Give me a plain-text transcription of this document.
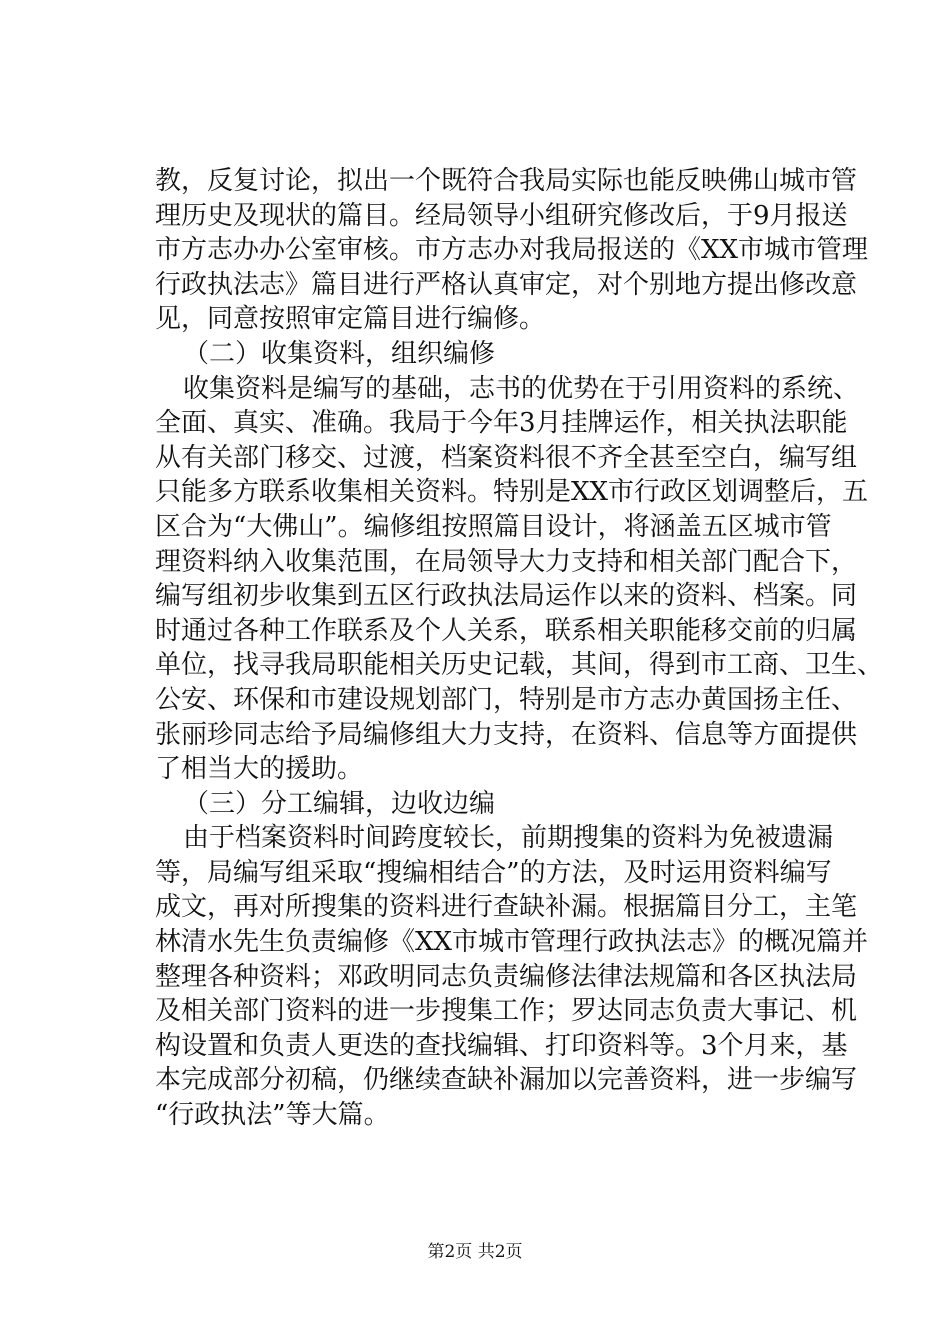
教，反复讨论，拟出一个既符合我局实际也能反映佛山城市管
理历史及现状的篇目。经局领导小组研究修改后，于9月报送
市方志办办公室审核。市方志办对我局报送的《XX市城市管理
行政执法志》篇目进行严格认真审定，对个别地方提出修改意
见，同意按照审定篇目进行编修。
（二）收集资料，组织编修
收集资料是编写的基础，志书的优势在于引用资料的系统、
全面、真实、准确。我局于今年3月挂牌运作，相关执法职能
从有关部门移交、过渡，档案资料很不齐全甚至空白，编写组
只能多方联系收集相关资料。特别是XX市行政区划调整后，五
区合为“大佛山”。编修组按照篇目设计，将涵盖五区城市管
理资料纳入收集范围，在局领导大力支持和相关部门配合下，
编写组初步收集到五区行政执法局运作以来的资料、档案。同
时通过各种工作联系及个人关系，联系相关职能移交前的归属
单位，找寻我局职能相关历史记载，其间，得到市工商、卫生、
公安、环保和市建设规划部门，特别是市方志办黄国扬主任、
张丽珍同志给予局编修组大力支持，在资料、信息等方面提供
了相当大的援助。
（三）分工编辑，边收边编
由于档案资料时间跨度较长，前期搜集的资料为免被遗漏
等，局编写组采取“搜编相结合”的方法，及时运用资料编写
成文，再对所搜集的资料进行查缺补漏。根据篇目分工，主笔
林清水先生负责编修《XX市城市管理行政执法志》的概况篇并
整理各种资料；邓政明同志负责编修法律法规篇和各区执法局
及相关部门资料的进一步搜集工作；罗达同志负责大事记、机
构设置和负责人更迭的查找编辑、打印资料等。3个月来，基
本完成部分初稿，仍继续查缺补漏加以完善资料，进一步编写
“行政执法”等大篇。
第2页 共2页
